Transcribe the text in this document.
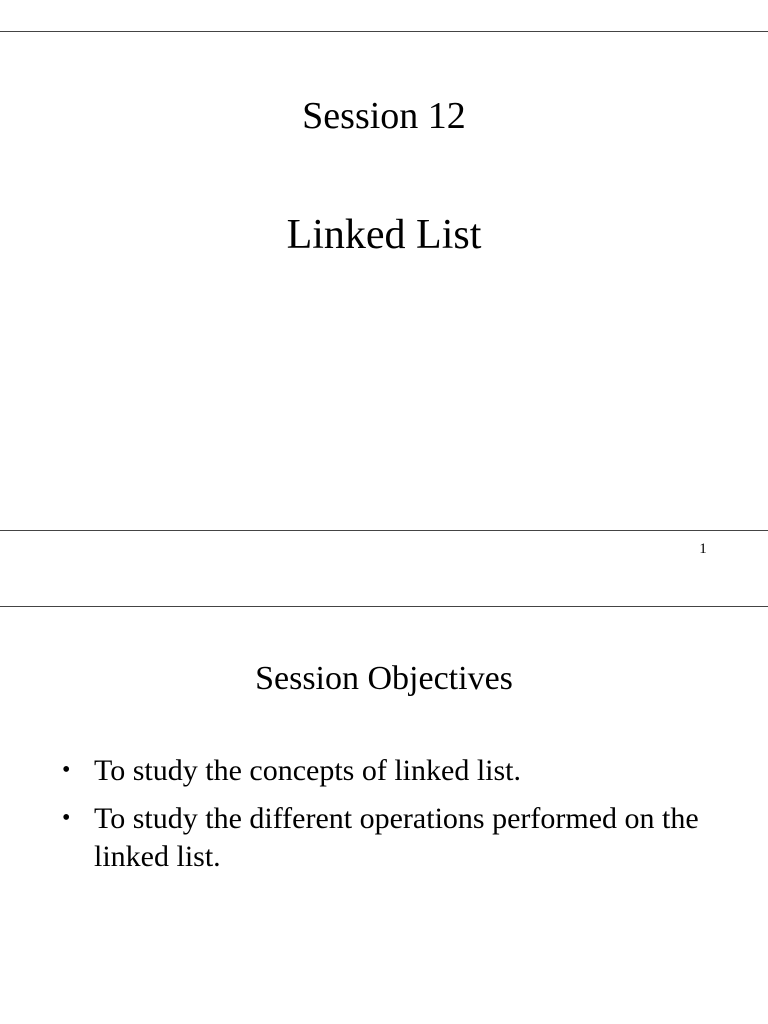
Session 12
Linked List
1
Session Objectives
• To study the concepts of linked list.
• To study the different operations performed on the linked list.
